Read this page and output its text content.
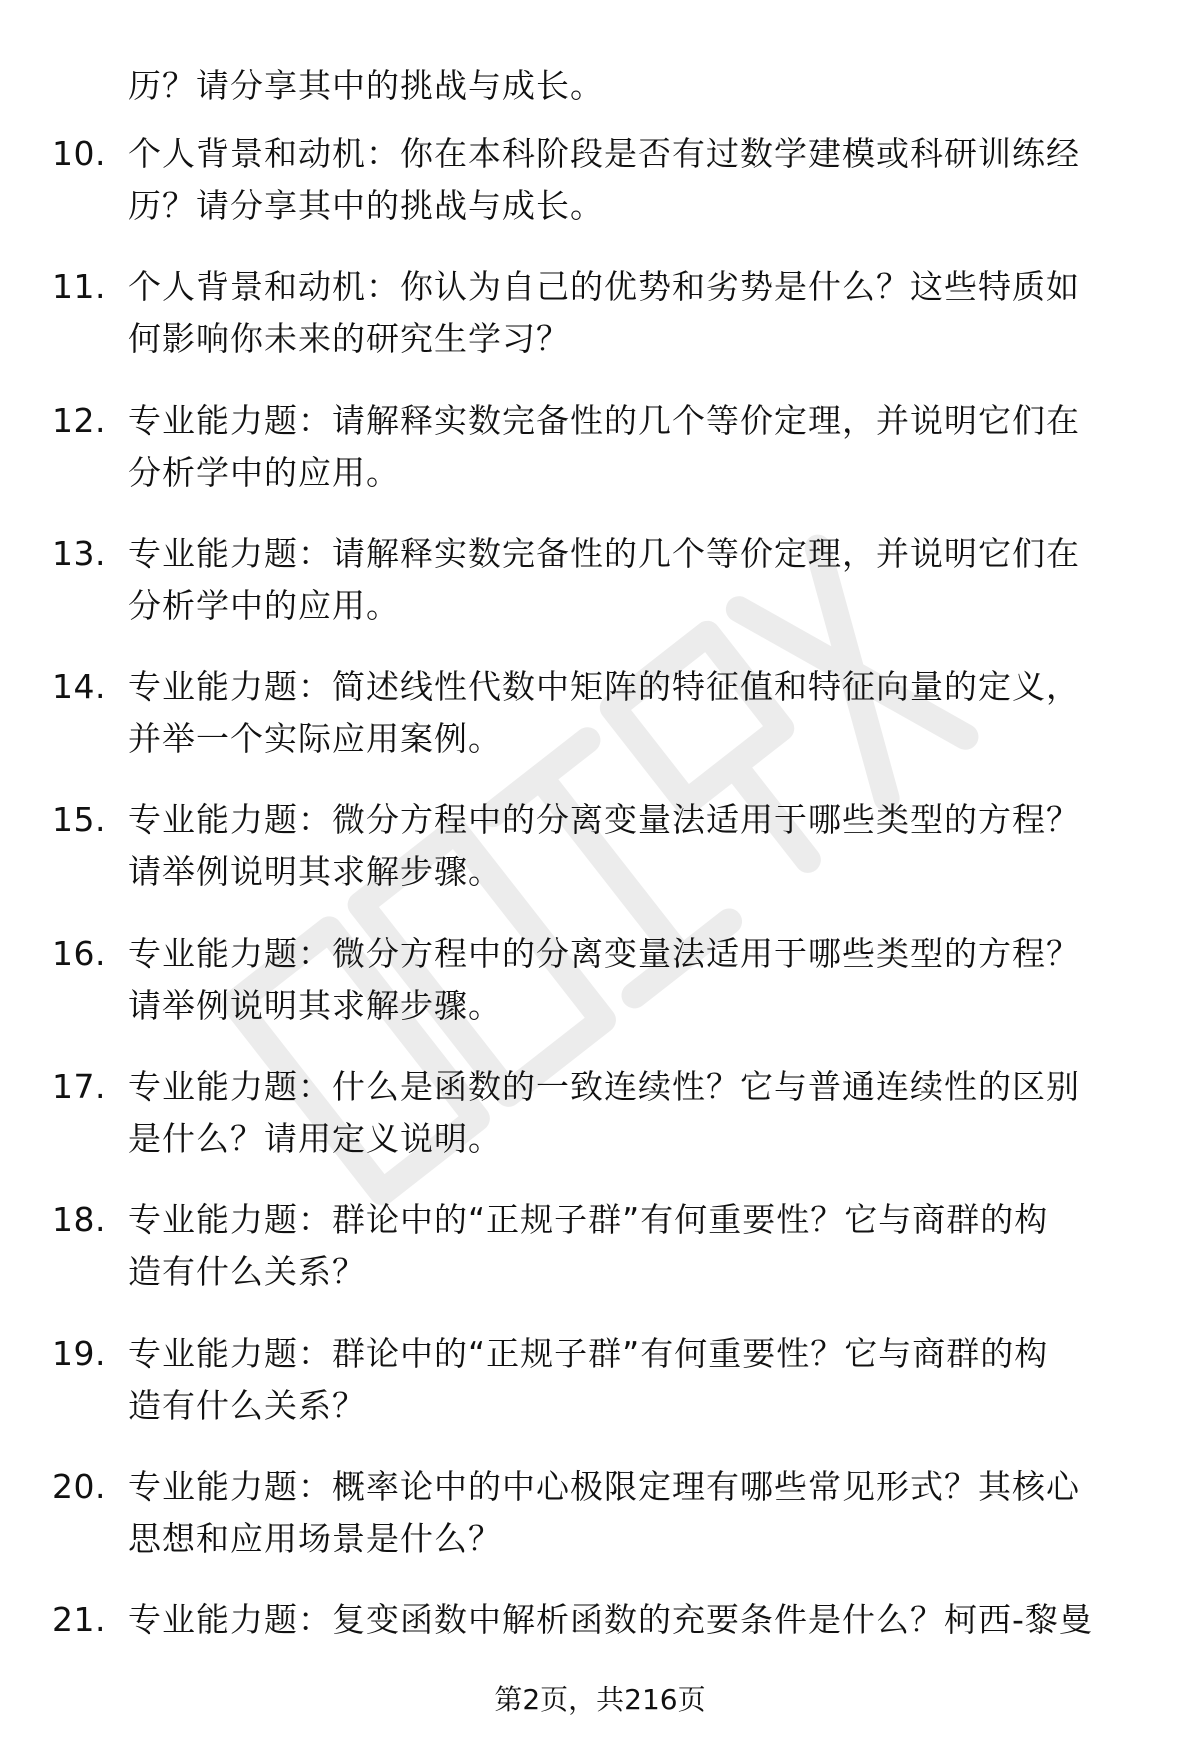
历？请分享其中的挑战与成长。
10. 个人背景和动机：你在本科阶段是否有过数学建模或科研训练经
历？请分享其中的挑战与成长。
11. 个人背景和动机：你认为自己的优势和劣势是什么？这些特质如
何影响你未来的研究生学习？
12. 专业能力题：请解释实数完备性的几个等价定理，并说明它们在
分析学中的应用。
13. 专业能力题：请解释实数完备性的几个等价定理，并说明它们在
分析学中的应用。
14. 专业能力题：简述线性代数中矩阵的特征值和特征向量的定义，
并举一个实际应用案例。
15. 专业能力题：微分方程中的分离变量法适用于哪些类型的方程？
请举例说明其求解步骤。
16. 专业能力题：微分方程中的分离变量法适用于哪些类型的方程？
请举例说明其求解步骤。
17. 专业能力题：什么是函数的一致连续性？它与普通连续性的区别
是什么？请用定义说明。
18. 专业能力题：群论中的“正规子群”有何重要性？它与商群的构
造有什么关系？
19. 专业能力题：群论中的“正规子群”有何重要性？它与商群的构
造有什么关系？
20. 专业能力题：概率论中的中心极限定理有哪些常见形式？其核心
思想和应用场景是什么？
21. 专业能力题：复变函数中解析函数的充要条件是什么？柯西-黎曼
第2页，共216页
